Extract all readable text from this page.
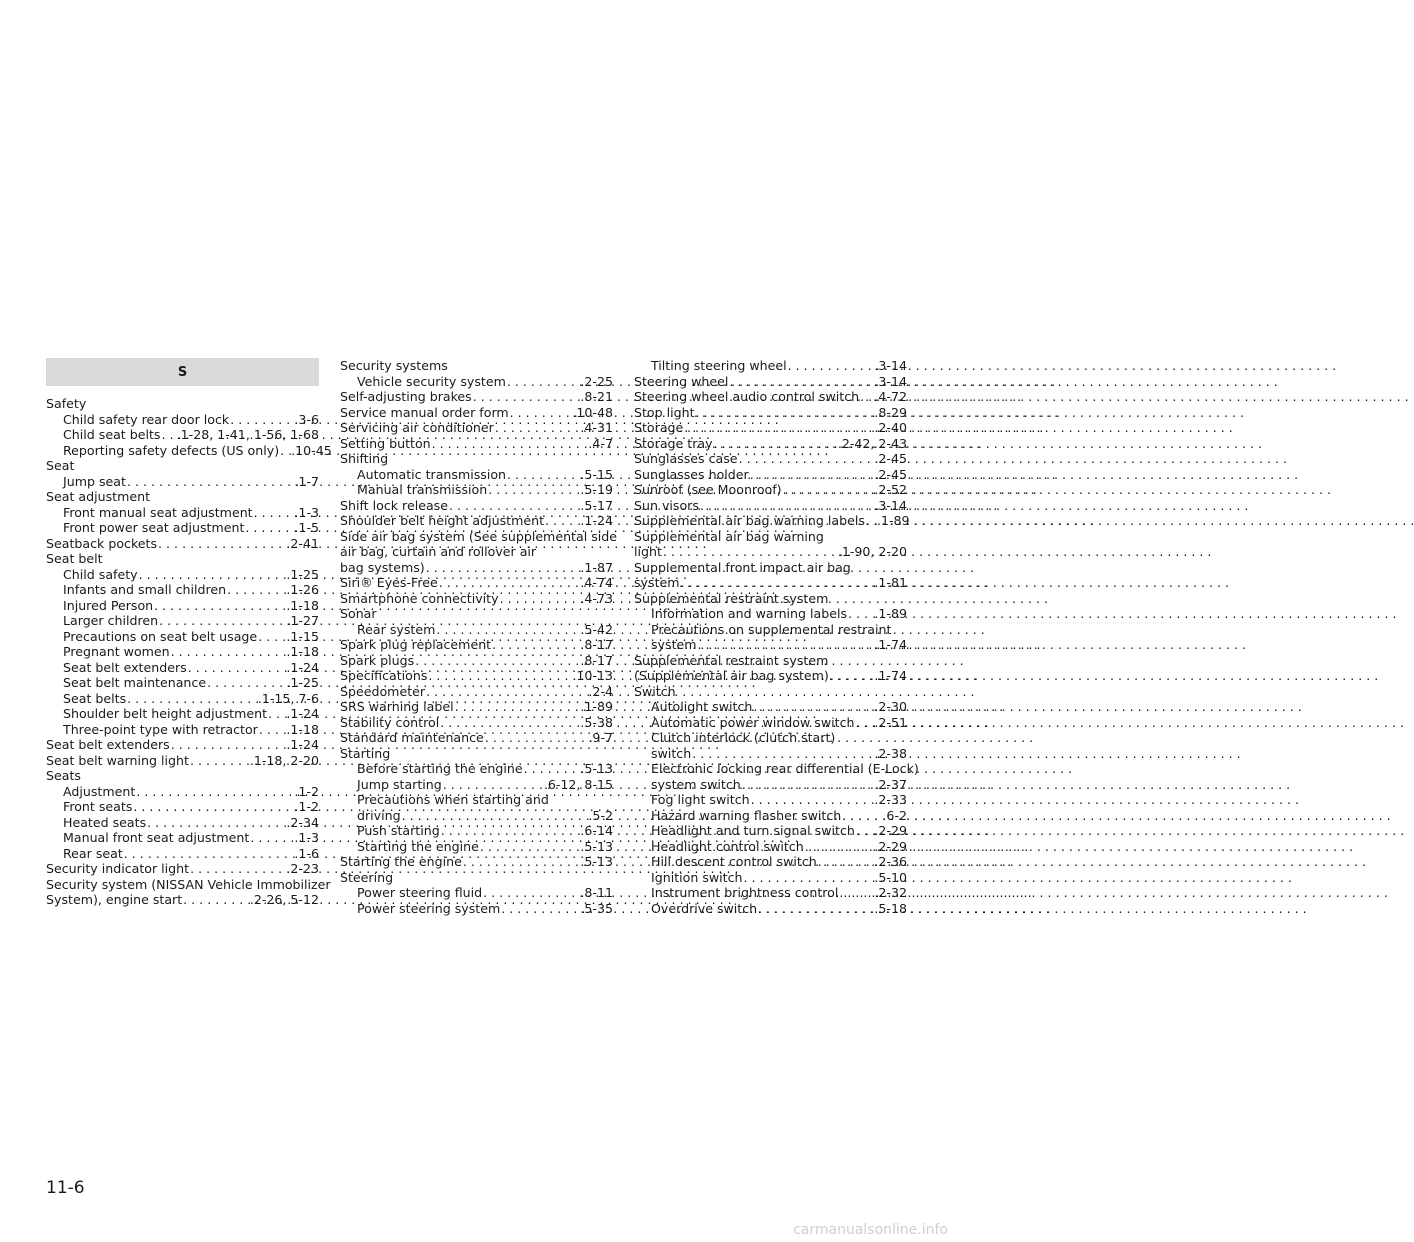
S
Safety
Child safety rear door lock . . .	.3-6
Child seat belts . . . .1-28, 1-41, 1-56, 1-68
Reporting safety defects (US only) . . . .10-45
Seat
Jump seat . . .	.1-7
Seat adjustment
Front manual seat adjustment . . .	.1-3
Front power seat adjustment . . .	.1-5
Seatback pockets . . .	.2-41
Seat belt
Child safety . . .	.1-25
Infants and small children . . .	.1-26
Injured Person . . .	.1-18
Larger children . . .	.1-27
Precautions on seat belt usage . . . .1-15
Pregnant women . . .	.1-18
Seat belt extenders . . .	.1-24
Seat belt maintenance . . .	.1-25
Seat belts . . .	.1-15, 7-6
Shoulder belt height adjustment . . . .1-24
Three-point type with retractor . . . .1-18
Seat belt extenders . . .	.1-24
Seat belt warning light . . .	.1-18, 2-20
Seats
Adjustment . . .	.1-2
Front seats . . .	.1-2
Heated seats . . .	.2-34
Manual front seat adjustment . . .	.1-3
Rear seat . . .	.1-6
Security indicator light . . .	.2-23
Security system (NISSAN Vehicle Immobilizer
System), engine start . . .	.2-26, 5-12
Security systems
Vehicle security system . . .	.2-25
Self-adjusting brakes . . .	.8-21
Service manual order form . . .	.10-48
Servicing air conditioner . . .	.4-31
Setting button . . .	.4-7
Shifting
Automatic transmission . . .	.5-15
Manual transmission . . .	.5-19
Shift lock release . . .	.5-17
Shoulder belt height adjustment . . .	.1-24
Side air bag system (See supplemental side
air bag, curtain and rollover air
bag systems) . . .	.1-87
Siri® Eyes-Free . . .	.4-74
Smartphone connectivity . . .	.4-73
Sonar
Rear system . . .	.5-42
Spark plug replacement . . .	.8-17
Spark plugs . . .	.8-17
Specifications . . .	.10-13
Speedometer . . .	.2-4
SRS warning label . . .	.1-89
Stability control . . .	.5-38
Standard maintenance . . .	.9-7
Starting
Before starting the engine . . .	.5-13
Jump starting . . .	.6-12, 8-15
Precautions when starting and
driving . . .	.5-2
Push starting . . .	.6-14
Starting the engine . . .	.5-13
Starting the engine . . .	.5-13
Steering
Power steering fluid . . .	.8-11
Power steering system . . .	.5-35
Tilting steering wheel . . .	.3-14
Steering wheel . . .	.3-14
Steering wheel audio control switch . . . .4-72
Stop light . . .	.8-29
Storage . . .	.2-40
Storage tray . . .	.2-42, 2-43
Sunglasses case . . .	.2-45
Sunglasses holder . . .	.2-45
Sunroof (see Moonroof) . . .	.2-52
Sun visors . . .	.3-14
Supplemental air bag warning labels . . . .1-89
Supplemental air bag warning
light . . .	.1-90, 2-20
Supplemental front impact air bag
system . . .	.1-81
Supplemental restraint system
Information and warning labels . . . .1-89
Precautions on supplemental restraint
system . . .	.1-74
Supplemental restraint system
(Supplemental air bag system) . . .	.1-74
Switch
Autolight switch . . .	.2-30
Automatic power window switch . . . .2-51
Clutch interlock (clutch start)
switch . . .	.2-38
Electronic locking rear differential (E-Lock)
system switch . . .	.2-37
Fog light switch . . .	.2-33
Hazard warning flasher switch . . .	.6-2
Headlight and turn signal switch . . . .2-29
Headlight control switch . . .	.2-29
Hill descent control switch . . .	.2-36
Ignition switch . . .	.5-10
Instrument brightness control . . .	.2-32
Overdrive switch . . .	.5-18
11-6
carmanualsonline.info
